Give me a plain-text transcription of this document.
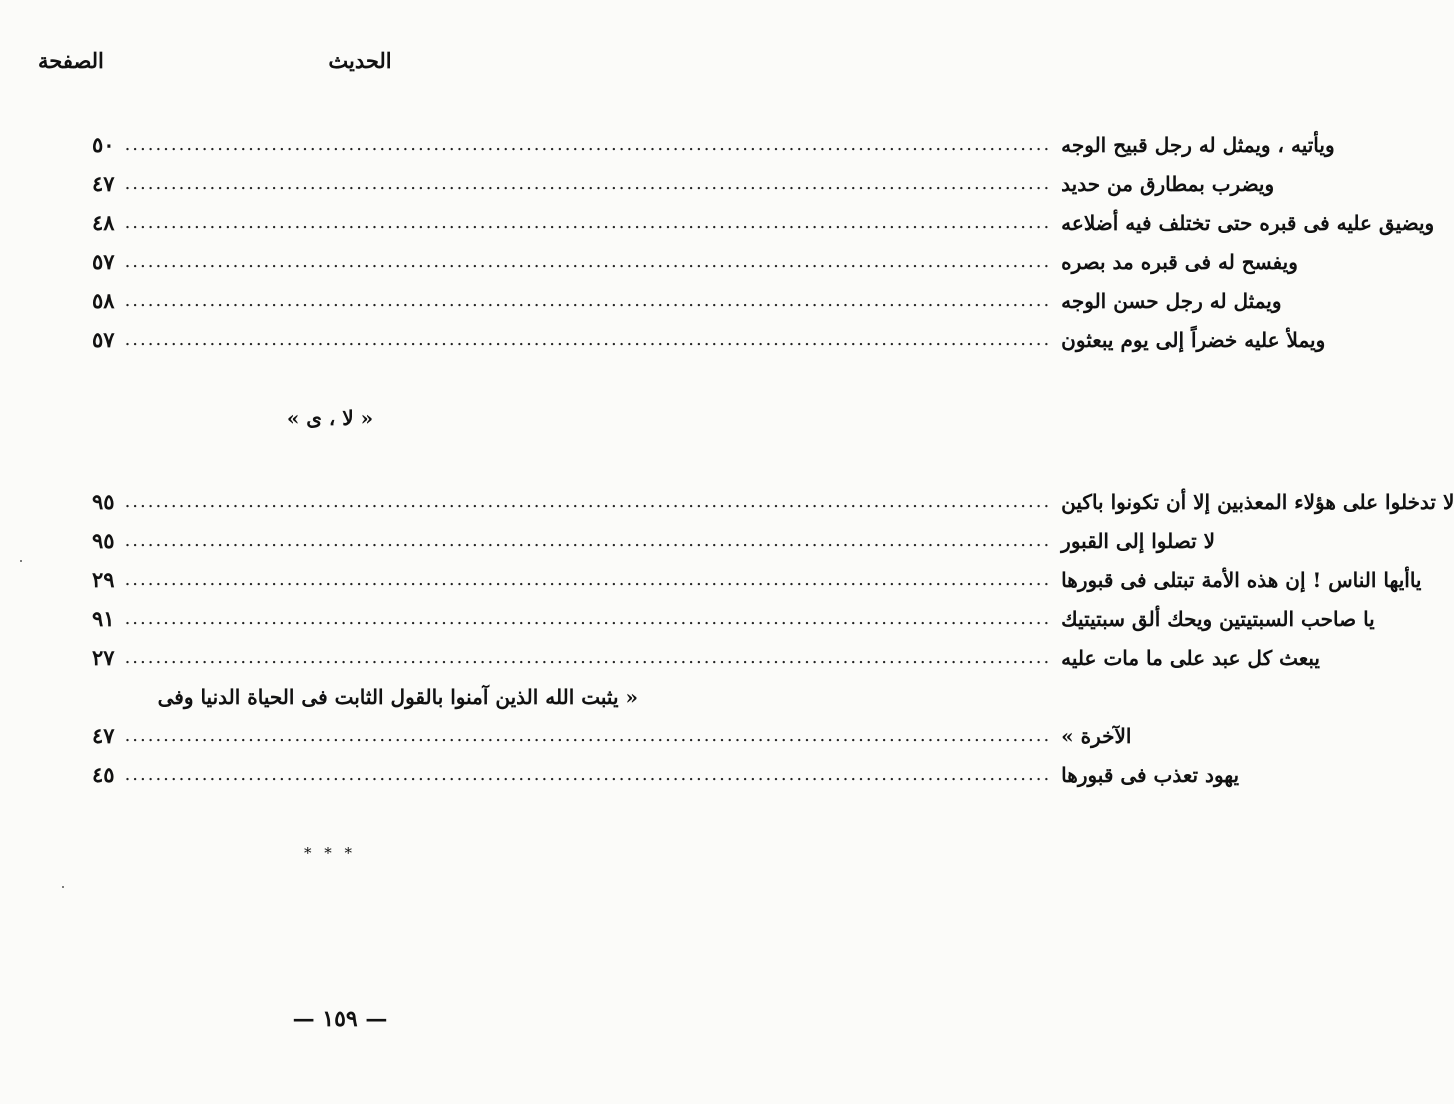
الصفحة	الحديث
٥٠ ........................................................................................................................ ويأتيه ، ويمثل له رجل قبيح الوجه
٤٧ ........................................................................................................................ ويضرب بمطارق من حديد
٤٨ ........................................................................................................................ ويضيق عليه فى قبره حتى تختلف فيه أضلاعه
٥٧ ........................................................................................................................ ويفسح له فى قبره مد بصره
٥٨ ........................................................................................................................ ويمثل له رجل حسن الوجه
٥٧ ........................................................................................................................ ويملأ عليه خضراً إلى يوم يبعثون
« لا ، ى »
٩٥ ........................................................................................................................ لا تدخلوا على هؤلاء المعذبين إلا أن تكونوا باكين
٩٥ ........................................................................................................................ لا تصلوا إلى القبور
٢٩ ........................................................................................................................ ياأيها الناس ! إن هذه الأمة تبتلى فى قبورها
٩١ ........................................................................................................................ يا صاحب السبتيتين ويحك ألق سبتيتيك
٢٧ ........................................................................................................................ يبعث كل عبد على ما مات عليه
« يثبت الله الذين آمنوا بالقول الثابت فى الحياة الدنيا وفى
٤٧ ........................................................................................................................ الآخرة »
٤٥ ........................................................................................................................ يهود تعذب فى قبورها
* * *
— ١٥٩ —
